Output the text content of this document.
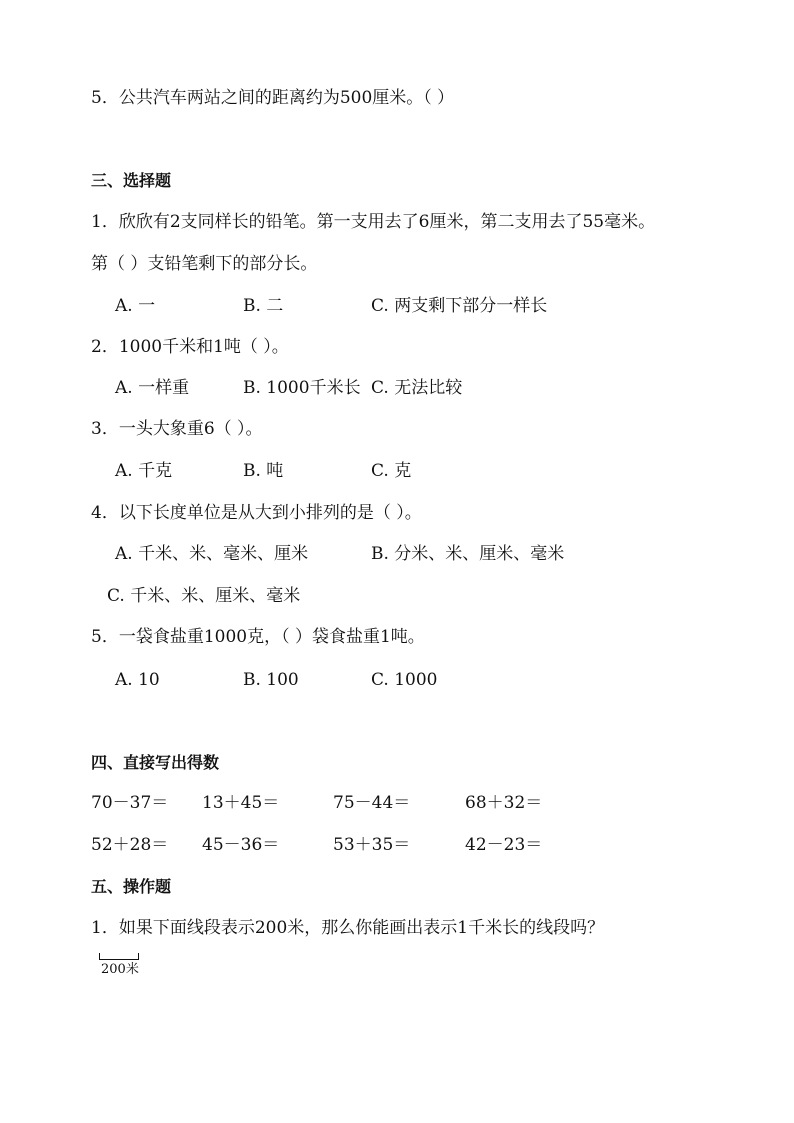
5．公共汽车两站之间的距离约为500厘米。（ ）
三、选择题
1．欣欣有2支同样长的铅笔。第一支用去了6厘米，第二支用去了55毫米。
第（ ）支铅笔剩下的部分长。
A. 一	B. 二	C. 两支剩下部分一样长
2．1000千米和1吨（ ）。
A. 一样重	B. 1000千米长 C. 无法比较
3．一头大象重6（ ）。
A. 千克	B. 吨	C. 克
4．以下长度单位是从大到小排列的是（ ）。
A. 千米、米、毫米、厘米	B. 分米、米、厘米、毫米
C. 千米、米、厘米、毫米
5．一袋食盐重1000克，（ ）袋食盐重1吨。
A. 10	B. 100	C. 1000
四、直接写出得数
70－37＝ 13＋45＝	75－44＝	68＋32＝
52＋28＝ 45－36＝	53＋35＝	42－23＝
五、操作题
1．如果下面线段表示200米，那么你能画出表示1千米长的线段吗？
200米
